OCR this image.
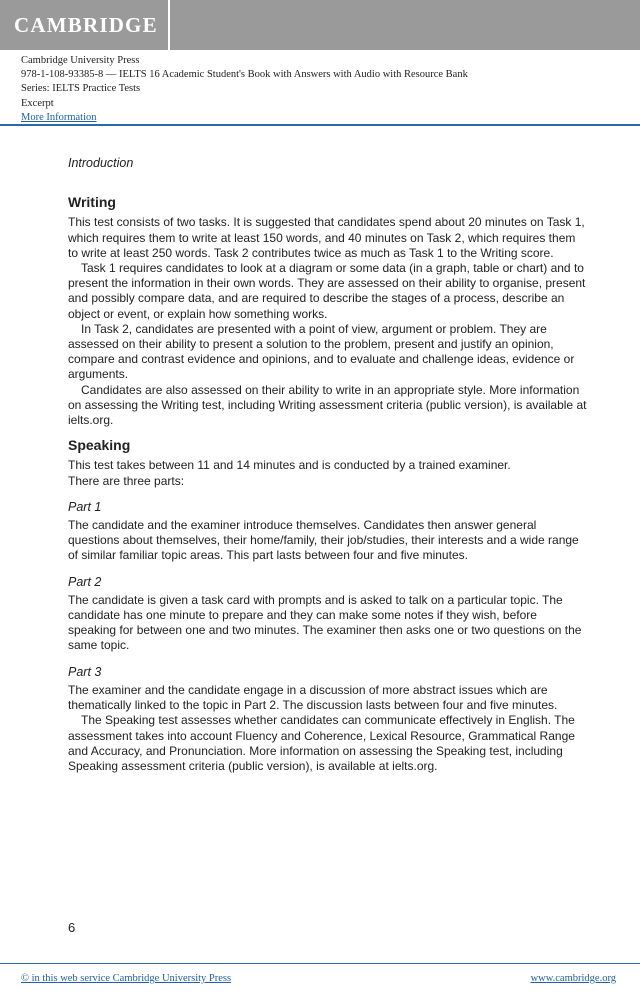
CAMBRIDGE
Cambridge University Press
978-1-108-93385-8 — IELTS 16 Academic Student's Book with Answers with Audio with Resource Bank
Series: IELTS Practice Tests
Excerpt
More Information

Introduction

Writing

This test consists of two tasks. It is suggested that candidates spend about 20 minutes on Task 1, which requires them to write at least 150 words, and 40 minutes on Task 2, which requires them to write at least 250 words. Task 2 contributes twice as much as Task 1 to the Writing score.

Task 1 requires candidates to look at a diagram or some data (in a graph, table or chart) and to present the information in their own words. They are assessed on their ability to organise, present and possibly compare data, and are required to describe the stages of a process, describe an object or event, or explain how something works.

In Task 2, candidates are presented with a point of view, argument or problem. They are assessed on their ability to present a solution to the problem, present and justify an opinion, compare and contrast evidence and opinions, and to evaluate and challenge ideas, evidence or arguments.

Candidates are also assessed on their ability to write in an appropriate style. More information on assessing the Writing test, including Writing assessment criteria (public version), is available at ielts.org.

Speaking

This test takes between 11 and 14 minutes and is conducted by a trained examiner.

There are three parts:

Part 1

The candidate and the examiner introduce themselves. Candidates then answer general questions about themselves, their home/family, their job/studies, their interests and a wide range of similar familiar topic areas. This part lasts between four and five minutes.

Part 2

The candidate is given a task card with prompts and is asked to talk on a particular topic. The candidate has one minute to prepare and they can make some notes if they wish, before speaking for between one and two minutes. The examiner then asks one or two questions on the same topic.

Part 3

The examiner and the candidate engage in a discussion of more abstract issues which are thematically linked to the topic in Part 2. The discussion lasts between four and five minutes.

The Speaking test assesses whether candidates can communicate effectively in English. The assessment takes into account Fluency and Coherence, Lexical Resource, Grammatical Range and Accuracy, and Pronunciation. More information on assessing the Speaking test, including Speaking assessment criteria (public version), is available at ielts.org.

6
© in this web service Cambridge University Press	www.cambridge.org
